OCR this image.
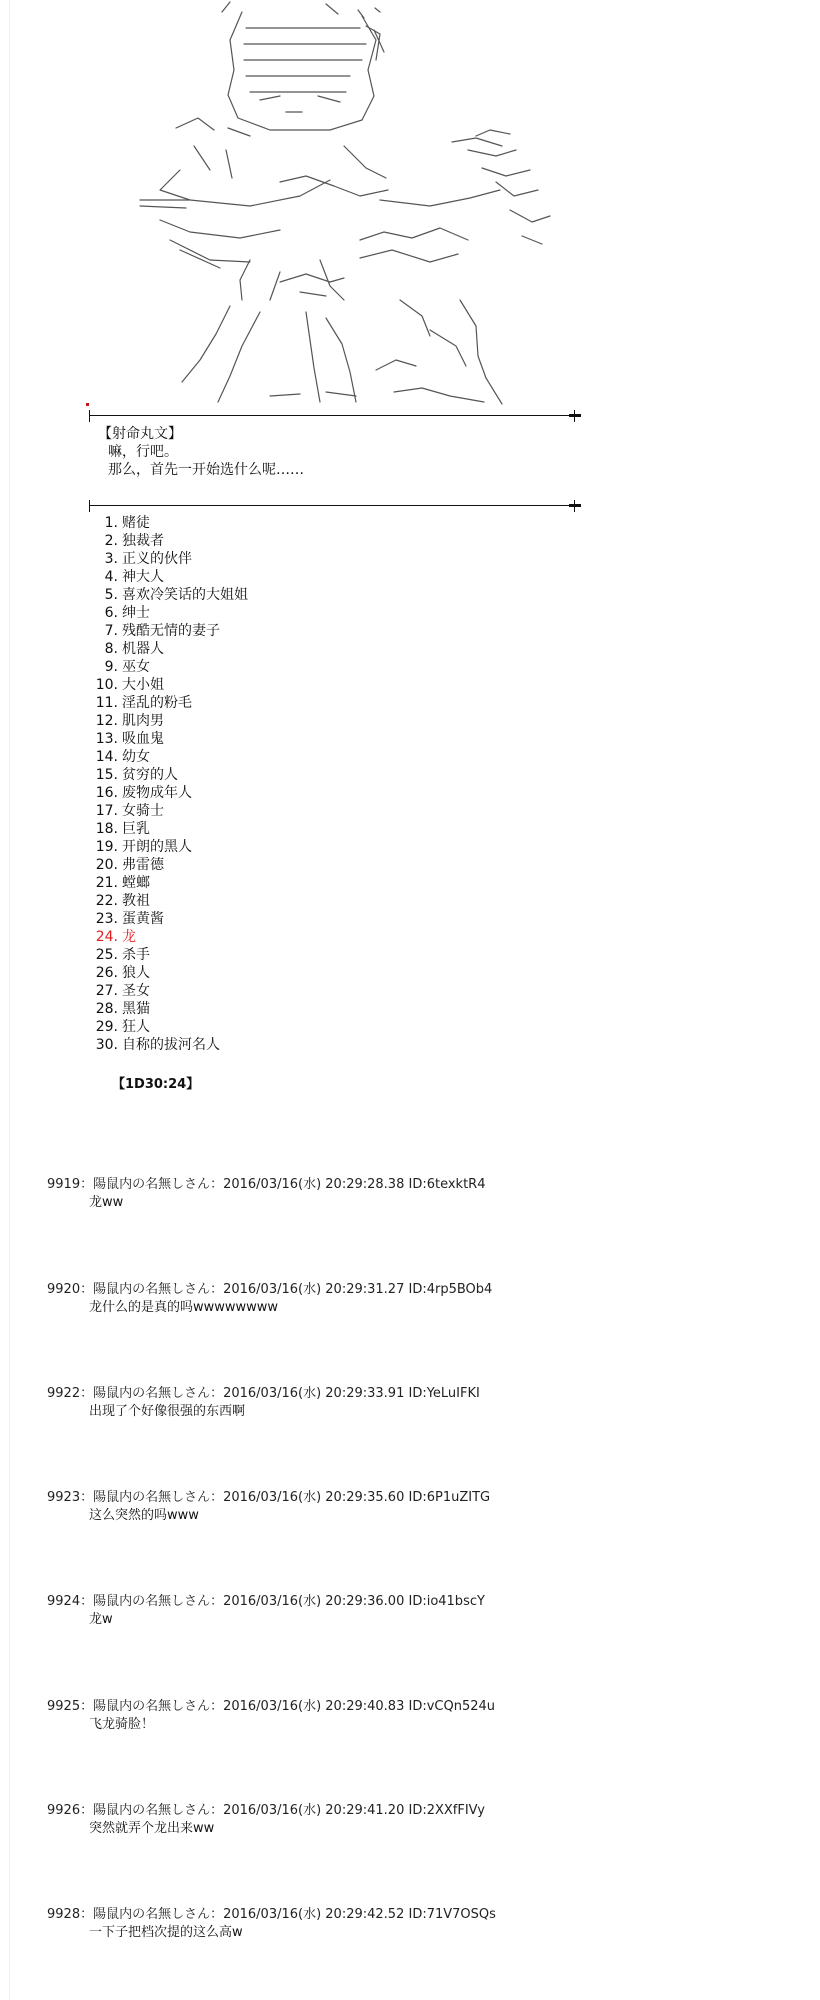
【射命丸文】
嘛，行吧。
那么，首先一开始选什么呢……
1. 赌徒
2. 独裁者
3. 正义的伙伴
4. 神大人
5. 喜欢冷笑话的大姐姐
6. 绅士
7. 残酷无情的妻子
8. 机器人
9. 巫女
10. 大小姐
11. 淫乱的粉毛
12. 肌肉男
13. 吸血鬼
14. 幼女
15. 贫穷的人
16. 废物成年人
17. 女骑士
18. 巨乳
19. 开朗的黑人
20. 弗雷德
21. 螳螂
22. 教祖
23. 蛋黄酱
24. 龙
25. 杀手
26. 狼人
27. 圣女
28. 黑猫
29. 狂人
30. 自称的拔河名人
【1D30:24】
9919：陽鼠内の名無しさん：2016/03/16(水) 20:29:28.38 ID:6texktR4
龙ww
9920：陽鼠内の名無しさん：2016/03/16(水) 20:29:31.27 ID:4rp5BOb4
龙什么的是真的吗wwwwwwww
9922：陽鼠内の名無しさん：2016/03/16(水) 20:29:33.91 ID:YeLuIFKI
出现了个好像很强的东西啊
9923：陽鼠内の名無しさん：2016/03/16(水) 20:29:35.60 ID:6P1uZITG
这么突然的吗www
9924：陽鼠内の名無しさん：2016/03/16(水) 20:29:36.00 ID:io41bscY
龙w
9925：陽鼠内の名無しさん：2016/03/16(水) 20:29:40.83 ID:vCQn524u
飞龙骑脸！
9926：陽鼠内の名無しさん：2016/03/16(水) 20:29:41.20 ID:2XXfFIVy
突然就弄个龙出来ww
9928：陽鼠内の名無しさん：2016/03/16(水) 20:29:42.52 ID:71V7OSQs
一下子把档次提的这么高w
